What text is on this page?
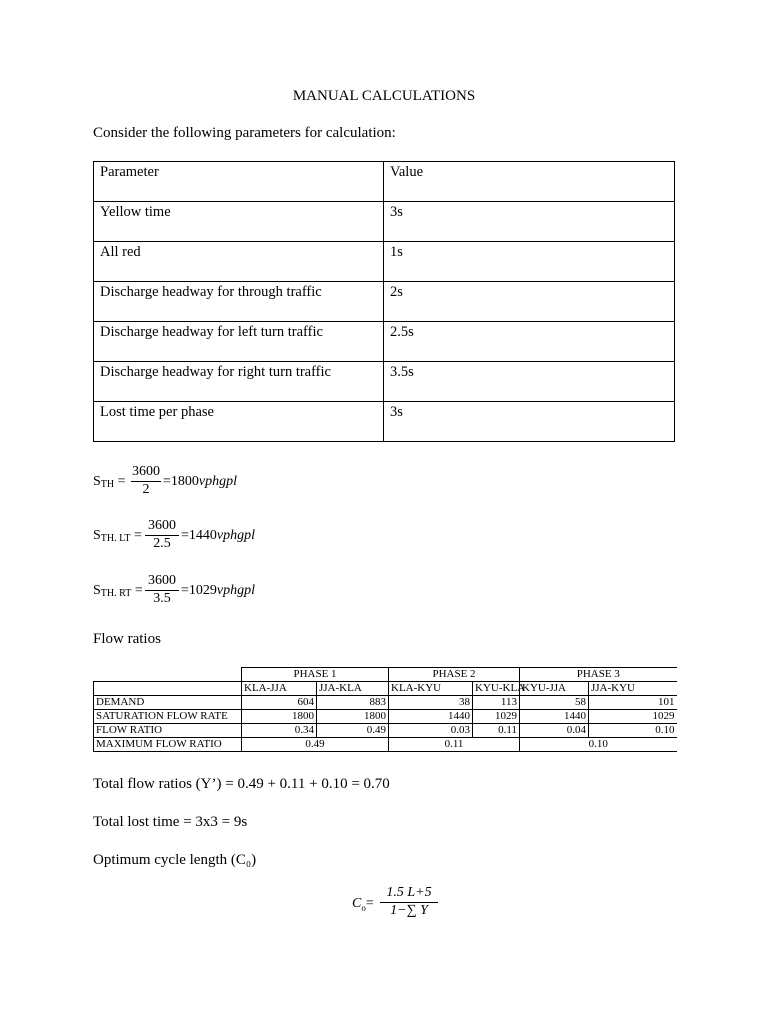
MANUAL CALCULATIONS
Consider the following parameters for calculation:
Parameter	Value
Yellow time	3s
All red	1s
Discharge headway for through traffic	2s
Discharge headway for left turn traffic	2.5s
Discharge headway for right turn traffic	3.5s
Lost time per phase	3s
$S_{TH}$ =
3600
2
=1800vphgpl
$S_{TH. LT}$ =
3600
2.5
=1440vphgpl
$S_{TH. RT}$ =
3600
3.5
=1029vphgpl
Flow ratios
	PHASE 1		PHASE 2		PHASE 3	
	KLA-JJA	JJA-KLA	KLA-KYU	KYU-KLA	KYU-JJA	JJA-KYU
DEMAND	604	883	38	113	58	101
SATURATION FLOW RATE	1800	1800	1440	1029	1440	1029
FLOW RATIO	0.34	0.49	0.03	0.11	0.04	0.10
MAXIMUM FLOW RATIO	0.49		0.11		0.10	
Total flow ratios (Y’) = 0.49 + 0.11 + 0.10 = 0.70
Total lost time = 3x3 = 9s
Optimum cycle length (C₀)
$C_o=$
1.5 L+5
1−∑ Y
